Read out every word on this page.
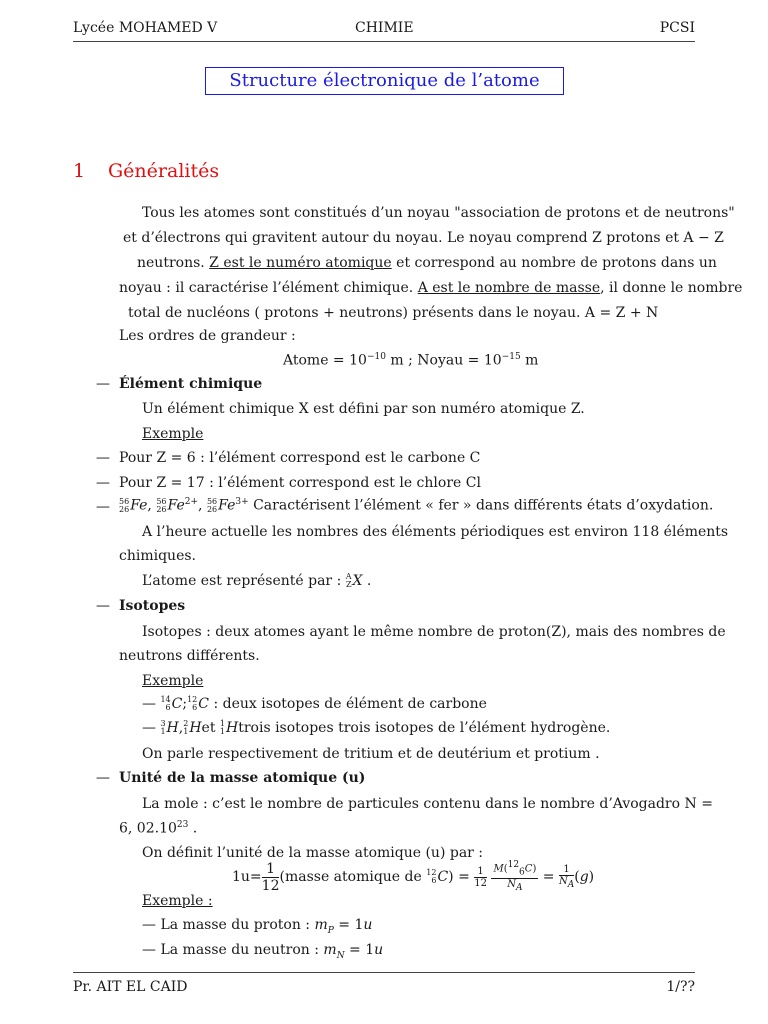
Lycée MOHAMED V	CHIMIE	PCSI
Structure électronique de l’atome
1 Généralités
Tous les atomes sont constitués d’un noyau "association de protons et de neutrons"
et d’électrons qui gravitent autour du noyau. Le noyau comprend Z protons et A − Z
neutrons. Z est le numéro atomique et correspond au nombre de protons dans un
noyau : il caractérise l’élément chimique. A est le nombre de masse, il donne le nombre
total de nucléons ( protons + neutrons) présents dans le noyau. A = Z + N
Les ordres de grandeur :
Atome = $10^{-10}$ m ; Noyau = $10^{-15}$ m
— Élément chimique
Un élément chimique X est défini par son numéro atomique Z.
Exemple
— Pour Z = 6 : l’élément correspond est le carbone C
— Pour Z = 17 : l’élément correspond est le chlore Cl
— 56
26 Fe, 56
26 $Fe^{2+}$, 56
26 $Fe^{3+}$ Caractérisent l’élément « fer » dans différents états d’oxydation.
A l’heure actuelle les nombres des éléments périodiques est environ 118 éléments
chimiques.
L’atome est représenté par : A
Z X .
— Isotopes
Isotopes : deux atomes ayant le même nombre de proton(Z), mais des nombres de
neutrons différents.
Exemple
— 14
6 C; 12
6 C : deux isotopes de élément de carbone
— 3
1 H, 2
1 Het 1
1 Htrois isotopes trois isotopes de l’élément hydrogène.
On parle respectivement de tritium et de deutérium et protium .
— Unité de la masse atomique (u)
La mole : c’est le nombre de particules contenu dans le nombre d’Avogadro N =
6, 02.10$^{23}$ .
On définit l’unité de la masse atomique (u) par :
$1u= \frac{1}{12}$ (masse atomique de 12
6 $C) = \frac{1}{12}$
$\frac{M(^{12}_6C)}{N_A} = \frac{1}{N_A} (g)$
Exemple :
— La masse du proton : $m_P = 1u$
— La masse du neutron : $m_N = 1u$
Pr. AIT EL CAID	1/??
